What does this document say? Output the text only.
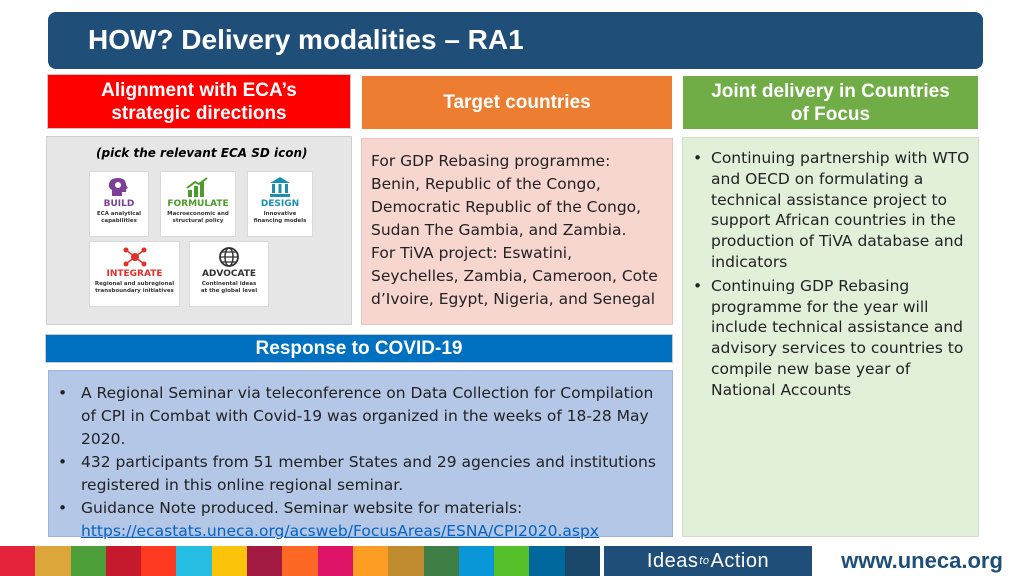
HOW? Delivery modalities – RA1
Alignment with ECA’s
strategic directions	Target countries
Joint delivery in Countries
of Focus
(pick the relevant ECA SD icon)
BUILD
ECA analytical
capabilities
FORMULATE
Macroeconomic and
structural policy
DESIGN
Innovative
financing models
INTEGRATE
Regional and subregional
transboundary initiatives
ADVOCATE
Continental ideas
at the global level
For GDP Rebasing programme:
Benin, Republic of the Congo,
Democratic Republic of the Congo,
Sudan The Gambia, and Zambia.
For TiVA project: Eswatini,
Seychelles, Zambia, Cameroon, Cote
d’Ivoire, Egypt, Nigeria, and Senegal
• Continuing partnership with WTO and OECD on formulating a technical assistance project to support African countries in the production of TiVA database and indicators
• Continuing GDP Rebasing programme for the year will include technical assistance and advisory services to countries to compile new base year of National Accounts
Response to COVID-19
• A Regional Seminar via teleconference on Data Collection for Compilation of CPI in Combat with Covid-19 was organized in the weeks of 18-28 May 2020.
• 432 participants from 51 member States and 29 agencies and institutions registered in this online regional seminar.
• Guidance Note produced. Seminar website for materials:
https://ecastats.uneca.org/acsweb/FocusAreas/ESNA/CPI2020.aspx
Ideas to Action	www.uneca.org
